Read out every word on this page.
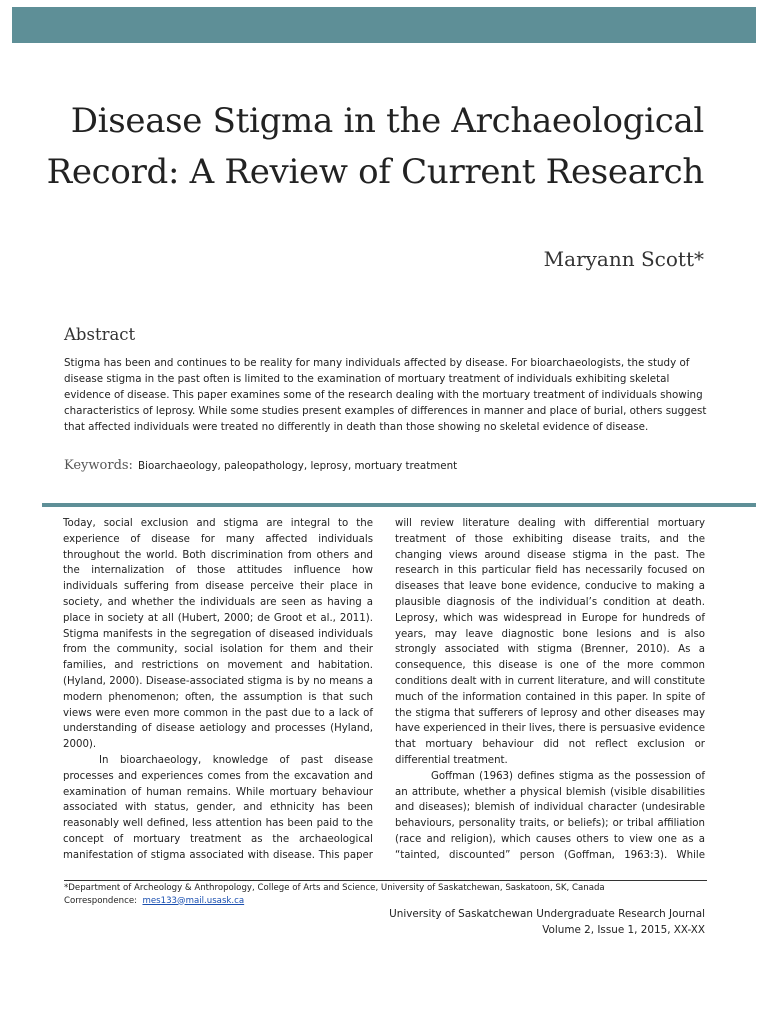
Disease Stigma in the Archaeological
Record: A Review of Current Research
Maryann Scott*
Abstract

Stigma has been and continues to be reality for many individuals affected by disease. For bioarchaeologists, the study of
disease stigma in the past often is limited to the examination of mortuary treatment of individuals exhibiting skeletal
evidence of disease. This paper examines some of the research dealing with the mortuary treatment of individuals showing
characteristics of leprosy. While some studies present examples of differences in manner and place of burial, others suggest
that affected individuals were treated no differently in death than those showing no skeletal evidence of disease.

Keywords: Bioarchaeology, paleopathology, leprosy, mortuary treatment

Today, social exclusion and stigma are integral to the experience of disease for many affected individuals throughout the world. Both discrimination from others and the internalization of those attitudes influence how individuals suffering from disease perceive their place in society, and whether the individuals are seen as having a place in society at all (Hubert, 2000; de Groot et al., 2011). Stigma manifests in the segregation of diseased individuals from the community, social isolation for them and their families, and restrictions on movement and habitation. (Hyland, 2000). Disease-associated stigma is by no means a modern phenomenon; often, the assumption is that such views were even more common in the past due to a lack of understanding of disease aetiology and processes (Hyland, 2000).

In bioarchaeology, knowledge of past disease processes and experiences comes from the excavation and examination of human remains. While mortuary behaviour associated with status, gender, and ethnicity has been reasonably well defined, less attention has been paid to the concept of mortuary treatment as the archaeological manifestation of stigma associated with disease. This paper

will review literature dealing with differential mortuary treatment of those exhibiting disease traits, and the changing views around disease stigma in the past. The research in this particular field has necessarily focused on diseases that leave bone evidence, conducive to making a plausible diagnosis of the individual’s condition at death. Leprosy, which was widespread in Europe for hundreds of years, may leave diagnostic bone lesions and is also strongly associated with stigma (Brenner, 2010). As a consequence, this disease is one of the more common conditions dealt with in current literature, and will constitute much of the information contained in this paper. In spite of the stigma that sufferers of leprosy and other diseases may have experienced in their lives, there is persuasive evidence that mortuary behaviour did not reflect exclusion or differential treatment.

Goffman (1963) defines stigma as the possession of an attribute, whether a physical blemish (visible disabilities and diseases); blemish of individual character (undesirable behaviours, personality traits, or beliefs); or tribal affiliation (race and religion), which causes others to view one as a “tainted, discounted” person (Goffman, 1963:3). While

*Department of Archeology & Anthropology, College of Arts and Science, University of Saskatchewan, Saskatoon, SK, Canada
Correspondence: mes133@mail.usask.ca
University of Saskatchewan Undergraduate Research Journal
Volume 2, Issue 1, 2015, XX-XX
